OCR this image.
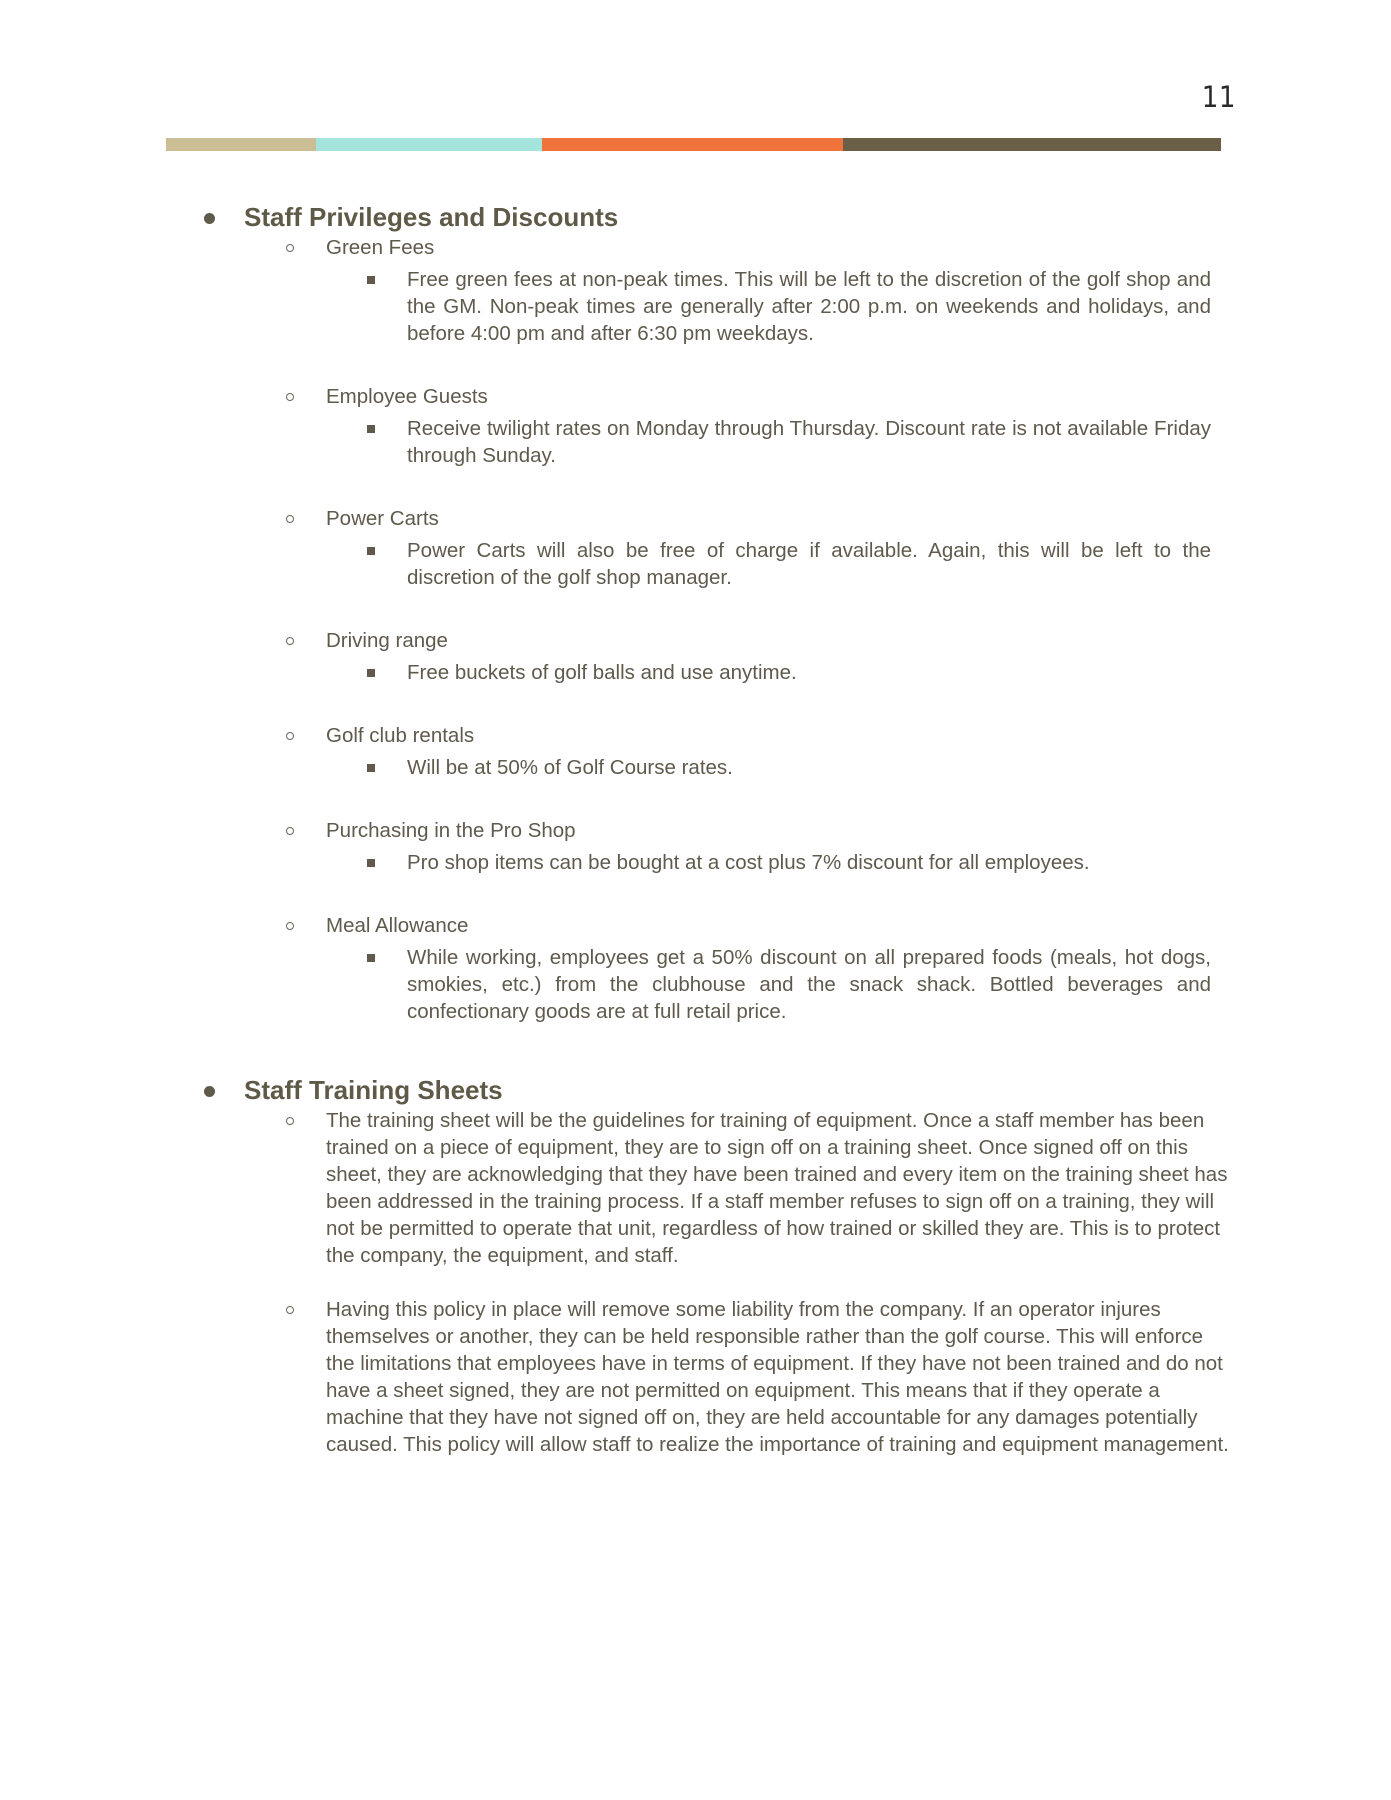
11
Staff Privileges and Discounts
Green Fees
Free green fees at non-peak times. This will be left to the discretion of the golf shop and the GM. Non-peak times are generally after 2:00 p.m. on weekends and holidays, and before 4:00 pm and after 6:30 pm weekdays.
Employee Guests
Receive twilight rates on Monday through Thursday. Discount rate is not available Friday through Sunday.
Power Carts
Power Carts will also be free of charge if available. Again, this will be left to the discretion of the golf shop manager.
Driving range
Free buckets of golf balls and use anytime.
Golf club rentals
Will be at 50% of Golf Course rates.
Purchasing in the Pro Shop
Pro shop items can be bought at a cost plus 7% discount for all employees.
Meal Allowance
While working, employees get a 50% discount on all prepared foods (meals, hot dogs, smokies, etc.) from the clubhouse and the snack shack. Bottled beverages and confectionary goods are at full retail price.
Staff Training Sheets
The training sheet will be the guidelines for training of equipment. Once a staff member has been trained on a piece of equipment, they are to sign off on a training sheet. Once signed off on this sheet, they are acknowledging that they have been trained and every item on the training sheet has been addressed in the training process. If a staff member refuses to sign off on a training, they will not be permitted to operate that unit, regardless of how trained or skilled they are. This is to protect the company, the equipment, and staff.
Having this policy in place will remove some liability from the company. If an operator injures themselves or another, they can be held responsible rather than the golf course. This will enforce the limitations that employees have in terms of equipment. If they have not been trained and do not have a sheet signed, they are not permitted on equipment. This means that if they operate a machine that they have not signed off on, they are held accountable for any damages potentially caused. This policy will allow staff to realize the importance of training and equipment management.
